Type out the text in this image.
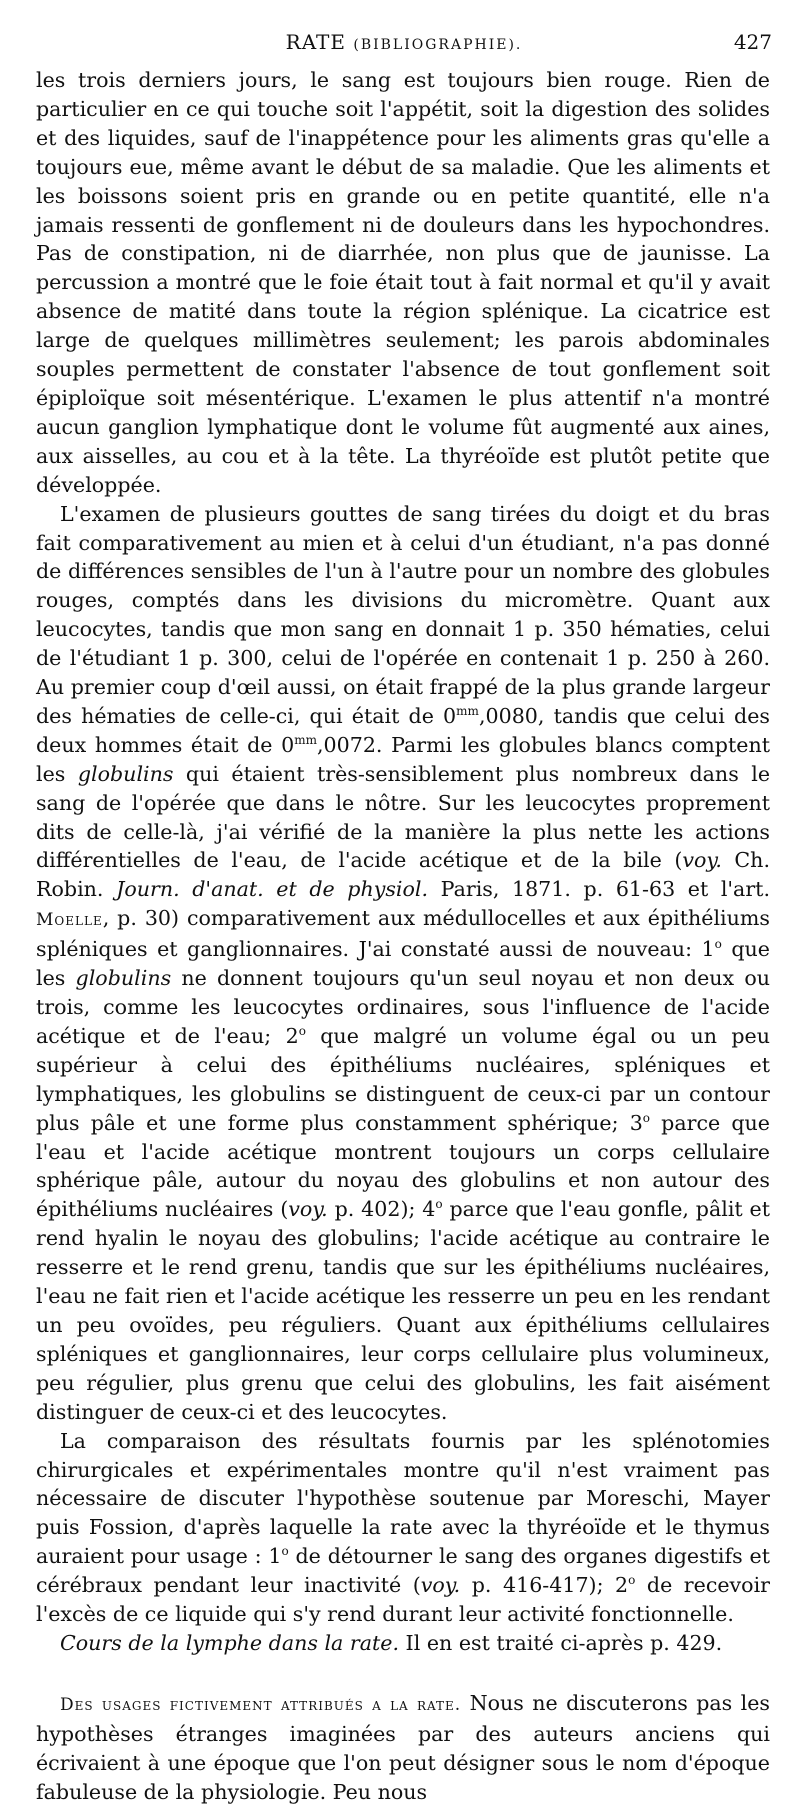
RATE (BIBLIOGRAPHIE).	427

les trois derniers jours, le sang est toujours bien rouge. Rien de particulier en ce qui touche soit l'appétit, soit la digestion des solides et des liquides, sauf de l'inappétence pour les aliments gras qu'elle a toujours eue, même avant le début de sa maladie. Que les aliments et les boissons soient pris en grande ou en petite quantité, elle n'a jamais ressenti de gonflement ni de douleurs dans les hypochondres. Pas de constipation, ni de diarrhée, non plus que de jaunisse. La percussion a montré que le foie était tout à fait normal et qu'il y avait absence de matité dans toute la région splénique. La cicatrice est large de quelques millimètres seulement; les parois abdominales souples permettent de constater l'absence de tout gonflement soit épiploïque soit mésentérique. L'examen le plus attentif n'a montré aucun ganglion lymphatique dont le volume fût augmenté aux aines, aux aisselles, au cou et à la tête. La thyréoïde est plutôt petite que développée.

L'examen de plusieurs gouttes de sang tirées du doigt et du bras fait comparativement au mien et à celui d'un étudiant, n'a pas donné de différences sensibles de l'un à l'autre pour un nombre des globules rouges, comptés dans les divisions du micromètre. Quant aux leucocytes, tandis que mon sang en donnait 1 p. 350 hématies, celui de l'étudiant 1 p. 300, celui de l'opérée en contenait 1 p. 250 à 260. Au premier coup d'œil aussi, on était frappé de la plus grande largeur des hématies de celle-ci, qui était de $0^{mm},0080$, tandis que celui des deux hommes était de $0^{mm},0072$. Parmi les globules blancs comptent les globulins qui étaient très-sensiblement plus nombreux dans le sang de l'opérée que dans le nôtre. Sur les leucocytes proprement dits de celle-là, j'ai vérifié de la manière la plus nette les actions différentielles de l'eau, de l'acide acétique et de la bile (voy. Ch. Robin. Journ. d'anat. et de physiol. Paris, 1871. p. 61-63 et l'art. Moelle, p. 30) comparativement aux médullocelles et aux épithéliums spléniques et ganglionnaires. J'ai constaté aussi de nouveau: 1$^o$ que les globulins ne donnent toujours qu'un seul noyau et non deux ou trois, comme les leucocytes ordinaires, sous l'influence de l'acide acétique et de l'eau; 2$^o$ que malgré un volume égal ou un peu supérieur à celui des épithéliums nucléaires, spléniques et lymphatiques, les globulins se distinguent de ceux-ci par un contour plus pâle et une forme plus constamment sphérique; 3$^o$ parce que l'eau et l'acide acétique montrent toujours un corps cellulaire sphérique pâle, autour du noyau des globulins et non autour des épithéliums nucléaires (voy. p. 402); 4$^o$ parce que l'eau gonfle, pâlit et rend hyalin le noyau des globulins; l'acide acétique au contraire le resserre et le rend grenu, tandis que sur les épithéliums nucléaires, l'eau ne fait rien et l'acide acétique les resserre un peu en les rendant un peu ovoïdes, peu réguliers. Quant aux épithéliums cellulaires spléniques et ganglionnaires, leur corps cellulaire plus volumineux, peu régulier, plus grenu que celui des globulins, les fait aisément distinguer de ceux-ci et des leucocytes.

La comparaison des résultats fournis par les splénotomies chirurgicales et expérimentales montre qu'il n'est vraiment pas nécessaire de discuter l'hypothèse soutenue par Moreschi, Mayer puis Fossion, d'après laquelle la rate avec la thyréoïde et le thymus auraient pour usage : 1$^o$ de détourner le sang des organes digestifs et cérébraux pendant leur inactivité (voy. p. 416-417); 2$^o$ de recevoir l'excès de ce liquide qui s'y rend durant leur activité fonctionnelle.

Cours de la lymphe dans la rate. Il en est traité ci-après p. 429.

Des usages fictivement attribués a la rate. Nous ne discuterons pas les hypothèses étranges imaginées par des auteurs anciens qui écrivaient à une époque que l'on peut désigner sous le nom d'époque fabuleuse de la physiologie. Peu nous
